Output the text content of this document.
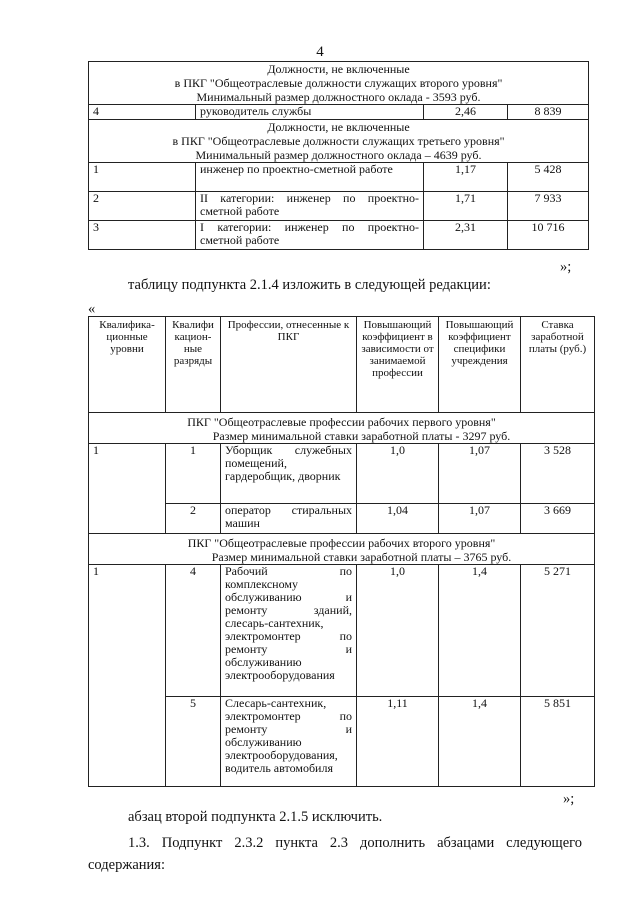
4
Должности, не включенные
в ПКГ "Общеотраслевые должности служащих второго уровня"
Минимальный размер должностного оклада - 3593 руб.			

4	руководитель службы	2,46	8 839

Должности, не включенные
в ПКГ "Общеотраслевые должности служащих третьего уровня"
Минимальный размер должностного оклада – 4639 руб.			

1	инженер по проектно-сметной работе	1,17	5 428
2	II категории: инженер по проектно-сметной работе	1,71	7 933
3	I категории: инженер по проектно-сметной работе	2,31	10 716
»;
таблицу подпункта 2.1.4 изложить в следующей редакции:
«
Квалифика-ционные уровни	Квалифи кацион-ные разряды	Профессии, отнесенные к ПКГ	Повышающий коэффициент в зависимости от занимаемой профессии	Повышающий коэффициент специфики учреждения	Ставка заработной платы (руб.)

ПКГ "Общеотраслевые профессии рабочих первого уровня"
Размер минимальной ставки заработной платы - 3297 руб.					

1	1	Уборщик служебных помещений, гардеробщик, дворник	1,0	1,07	3 528
	2	оператор стиральных машин	1,04	1,07	3 669

ПКГ "Общеотраслевые профессии рабочих второго уровня"
Размер минимальной ставки заработной платы – 3765 руб.					

1	4	Рабочий по комплексному обслуживанию и ремонту зданий, слесарь-сантехник, электромонтер по ремонту и обслуживанию электрооборудования	1,0	1,4	5 271
	5	Слесарь-сантехник, электромонтер по ремонту и обслуживанию электрооборудования, водитель автомобиля	1,11	1,4	5 851
»;
абзац второй подпункта 2.1.5 исключить.
1.3. Подпункт 2.3.2 пункта 2.3 дополнить абзацами следующего
содержания:
